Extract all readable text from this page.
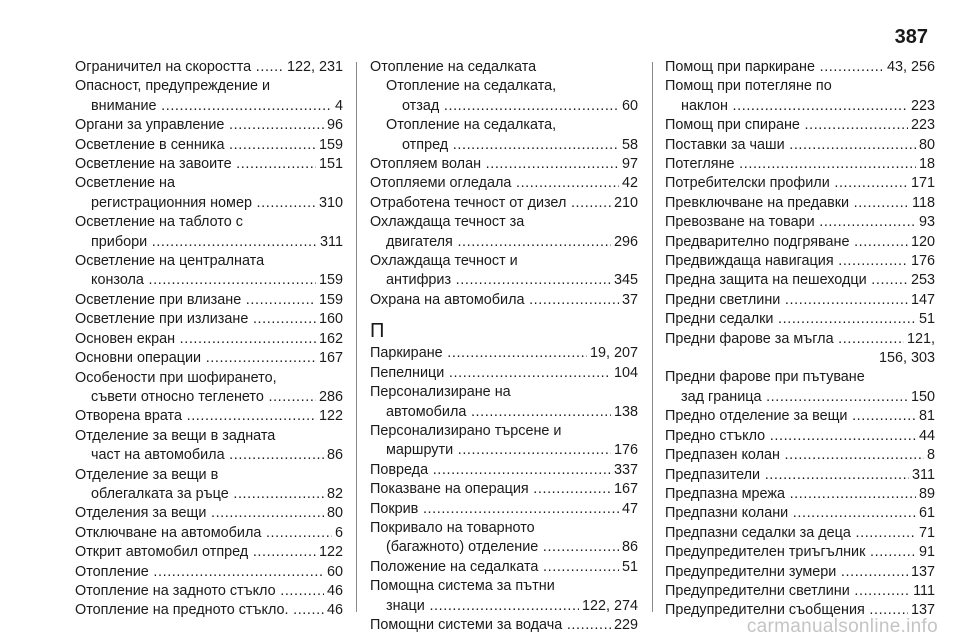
387
Ограничител на скоростта ..... 122, 231
Опасност, предупреждение и
внимание .....	4
Органи за управление .....	96
Осветление в сенника .....	159
Осветление на завоите .....	151
Осветление на
регистрационния номер .....	310
Осветление на таблото с
прибори .....	311
Осветление на централната
конзола .....	159
Осветление при влизане .....	159
Осветление при излизане .....	160
Основен екран .....	162
Основни операции .....	167
Особености при шофирането,
съвети относно тегленето .....	286
Отворена врата .....	122
Отделение за вещи в задната
част на автомобила .....	86
Отделение за вещи в
облегалката за ръце .....	82
Отделения за вещи .....	80
Отключване на автомобила .....	6
Открит автомобил отпред .....	122
Отопление .....	60
Отопление на задното стъкло .....	46
Отопление на предното стъкло. .....	46
Отопление на седалката
Отопление на седалката,
отзад .....	60
Отопление на седалката,
отпред .....	58
Отопляем волан .....	97
Отопляеми огледала .....	42
Отработена течност от дизел .....	210
Охлаждаща течност за
двигателя .....	296
Охлаждаща течност и
антифриз .....	345
Охрана на автомобила .....	37
П
Паркиране .....	19, 207
Пепелници .....	104
Персонализиране на
автомобила .....	138
Персонализирано търсене и
маршрути .....	176
Повреда .....	337
Показване на операция .....	167
Покрив .....	47
Покривало на товарното
(багажното) отделение .....	86
Положение на седалката .....	51
Помощна система за пътни
знаци .....	122, 274
Помощни системи за водача .....	229
Помощ при паркиране .....	43, 256
Помощ при потегляне по
наклон .....	223
Помощ при спиране .....	223
Поставки за чаши .....	80
Потегляне .....	18
Потребителски профили .....	171
Превключване на предавки .....	118
Превозване на товари .....	93
Предварително подгряване .....	120
Предвиждаща навигация .....	176
Предна защита на пешеходци .....	253
Предни светлини .....	147
Предни седалки .....	51
Предни фарове за мъгла .....	121,
156, 303
Предни фарове при пътуване
зад граница .....	150
Предно отделение за вещи .....	81
Предно стъкло .....	44
Предпазен колан .....	8
Предпазители .....	311
Предпазна мрежа .....	89
Предпазни колани .....	61
Предпазни седалки за деца .....	71
Предупредителен триъгълник .....	91
Предупредителни зумери .....	137
Предупредителни светлини .....	111
Предупредителни съобщения .....	137
carmanualsonline.info
